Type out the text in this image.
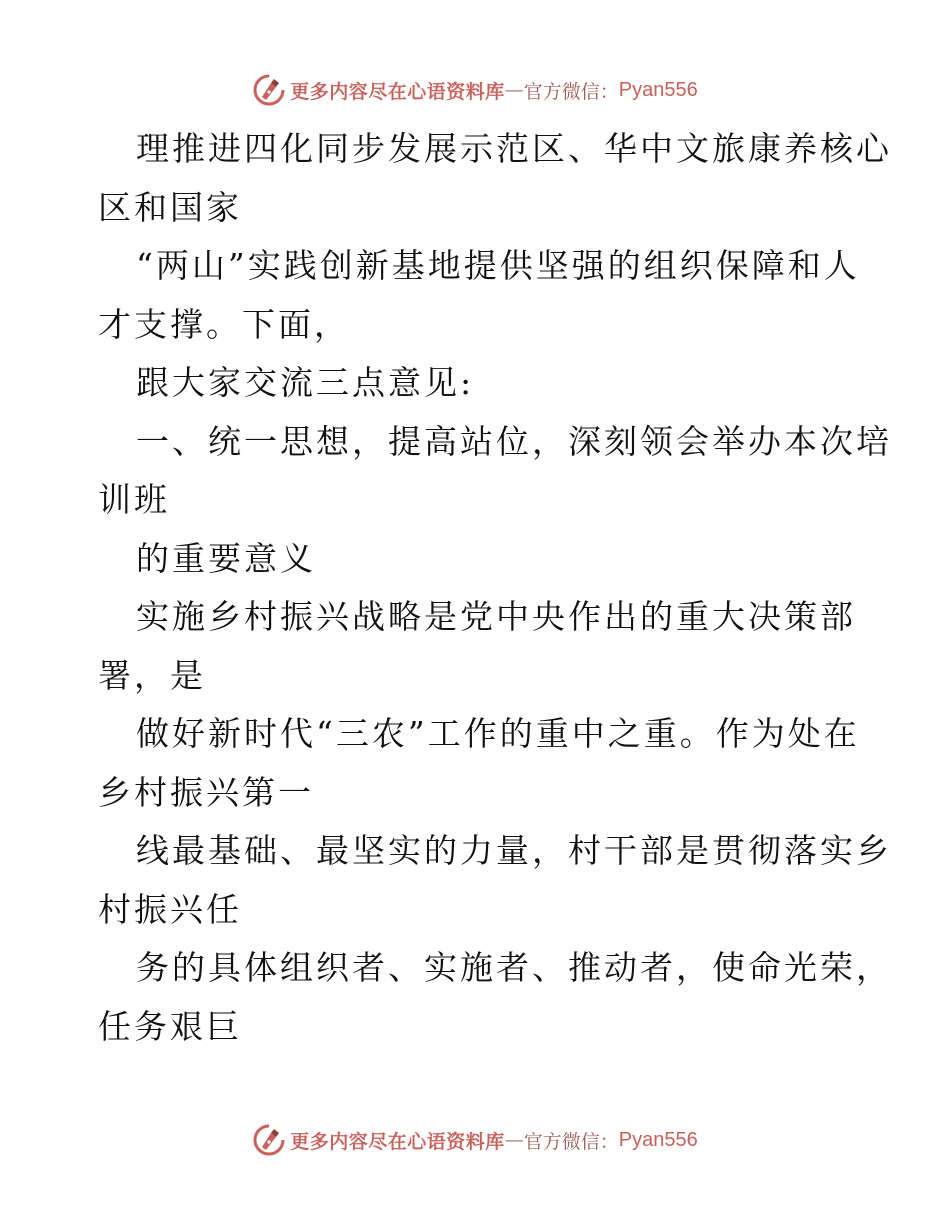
更多内容尽在心语资料库 — 官方微信： Pyan556
理推进四化同步发展示范区、华中文旅康养核心
区和国家
“两山”实践创新基地提供坚强的组织保障和人
才支撑。下面，
跟大家交流三点意见:
一、统一思想，提高站位，深刻领会举办本次培
训班
的重要意义
实施乡村振兴战略是党中央作出的重大决策部
署，是
做好新时代“三农”工作的重中之重。作为处在
乡村振兴第一
线最基础、最坚实的力量，村干部是贯彻落实乡
村振兴任
务的具体组织者、实施者、推动者，使命光荣，
任务艰巨
更多内容尽在心语资料库 — 官方微信： Pyan556
